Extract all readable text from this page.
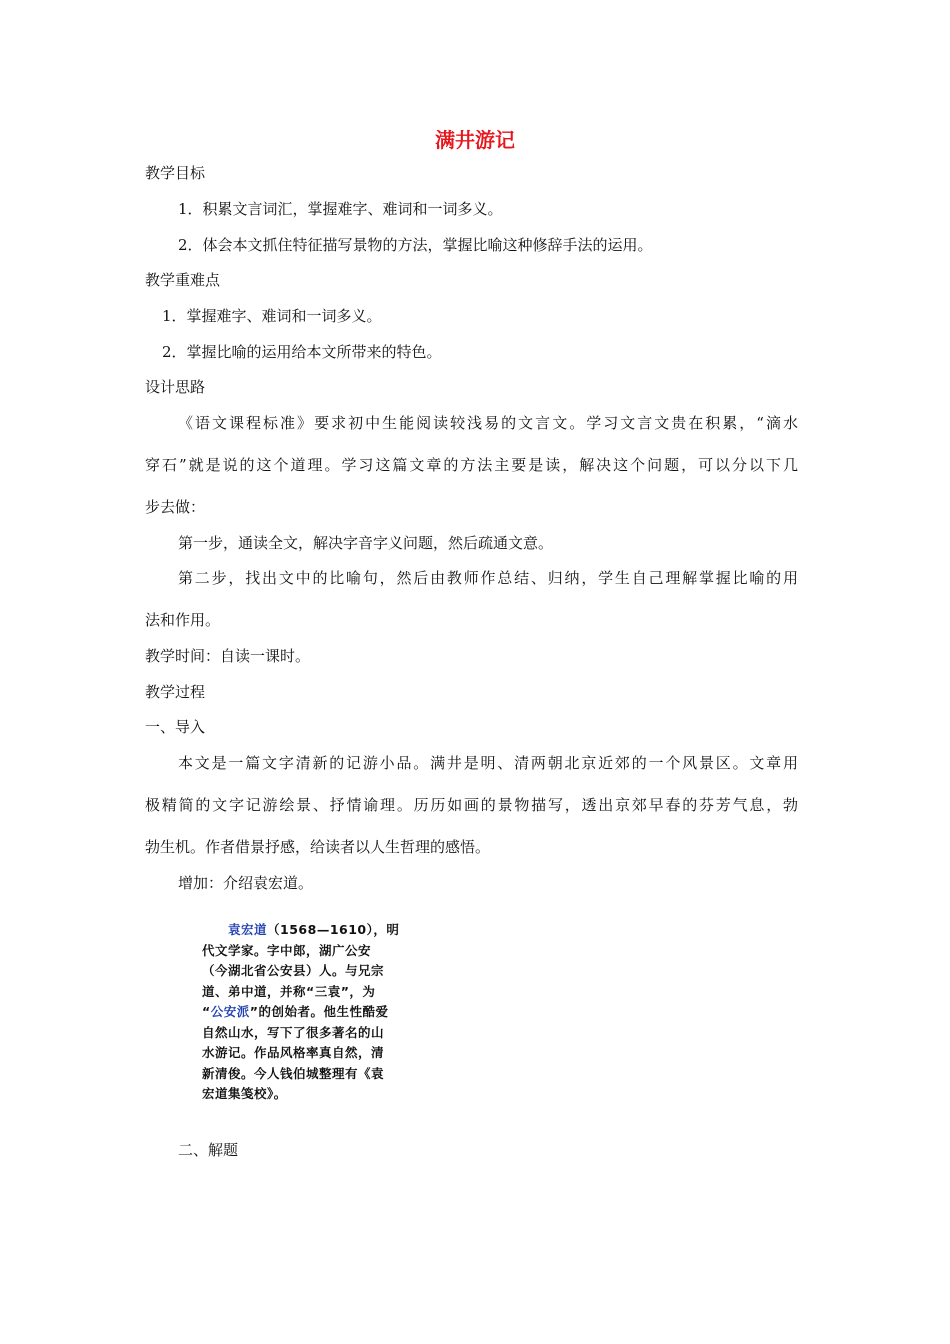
满井游记
教学目标
1．积累文言词汇，掌握难字、难词和一词多义。
2．体会本文抓住特征描写景物的方法，掌握比喻这种修辞手法的运用。
教学重难点
1．掌握难字、难词和一词多义。
2．掌握比喻的运用给本文所带来的特色。
设计思路
《语文课程标准》要求初中生能阅读较浅易的文言文。学习文言文贵在积累，“滴水
穿石”就是说的这个道理。学习这篇文章的方法主要是读，解决这个问题，可以分以下几
步去做：
第一步，通读全文，解决字音字义问题，然后疏通文意。
第二步，找出文中的比喻句，然后由教师作总结、归纳，学生自己理解掌握比喻的用
法和作用。
教学时间：自读一课时。
教学过程
一、导入
本文是一篇文字清新的记游小品。满井是明、清两朝北京近郊的一个风景区。文章用
极精简的文字记游绘景、抒情谕理。历历如画的景物描写，透出京郊早春的芬芳气息，勃
勃生机。作者借景抒感，给读者以人生哲理的感悟。
增加：介绍袁宏道。
　　袁宏道（1568—1610），明
代文学家。字中郎，湖广公安
（今湖北省公安县）人。与兄宗
道、弟中道，并称“三袁”，为
“公安派”的创始者。他生性酷爱
自然山水，写下了很多著名的山
水游记。作品风格率真自然，清
新清俊。今人钱伯城整理有《袁
宏道集笺校》。
二、解题
